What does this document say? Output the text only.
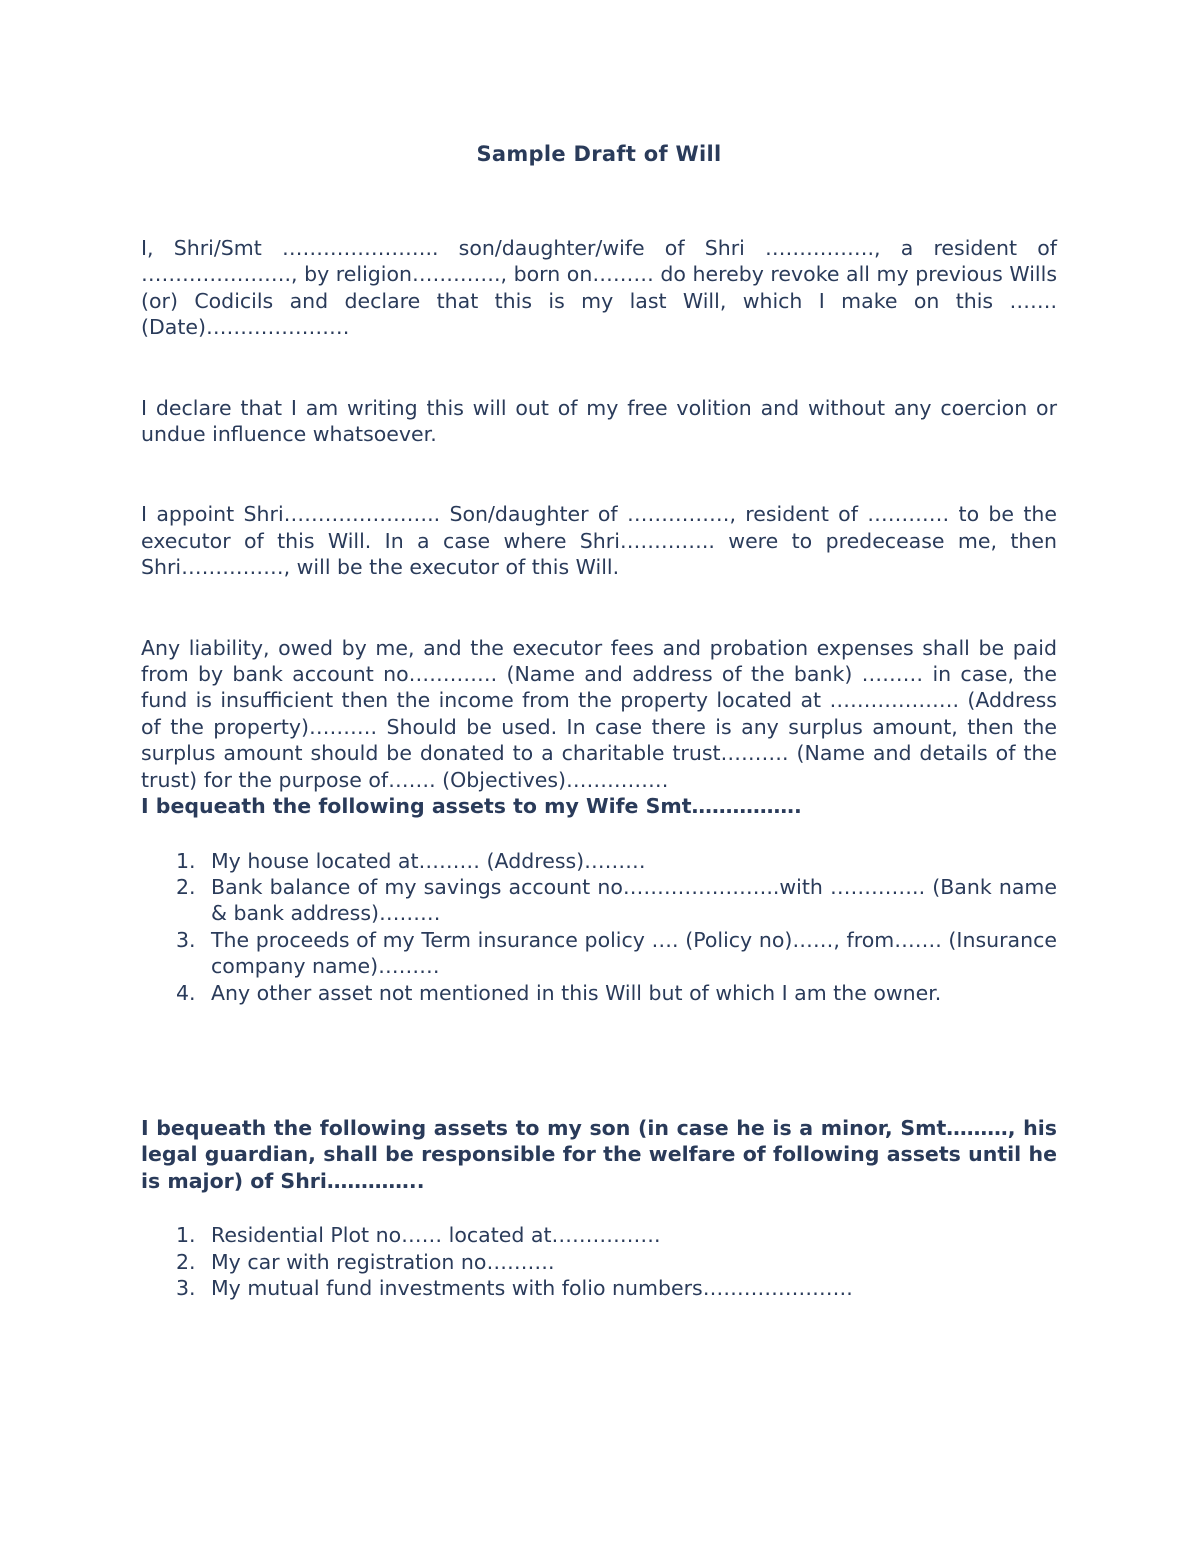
Sample Draft of Will

I, Shri/Smt ………………….. son/daughter/wife of Shri ……………., a resident of …………………., by religion…………., born on……… do hereby revoke all my previous Wills (or) Codicils and declare that this is my last Will, which I make on this …….(Date)…………………

I declare that I am writing this will out of my free volition and without any coercion or undue influence whatsoever.

I appoint Shri………………….. Son/daughter of ……………, resident of ………… to be the executor of this Will. In a case where Shri………….. were to predecease me, then Shri……………, will be the executor of this Will.

Any liability, owed by me, and the executor fees and probation expenses shall be paid from by bank account no…………. (Name and address of the bank) ……… in case, the fund is insufficient then the income from the property located at ………………. (Address of the property)………. Should be used. In case there is any surplus amount, then the surplus amount should be donated to a charitable trust………. (Name and details of the trust) for the purpose of……. (Objectives)……………

I bequeath the following assets to my Wife Smt…………….

My house located at……… (Address)………
Bank balance of my savings account no…………………..with ………….. (Bank name & bank address)………
The proceeds of my Term insurance policy …. (Policy no)……, from……. (Insurance company name)………
Any other asset not mentioned in this Will but of which I am the owner.

I bequeath the following assets to my son (in case he is a minor, Smt………, his legal guardian, shall be responsible for the welfare of following assets until he is major) of Shri…………..

Residential Plot no…… located at…………….
My car with registration no……….
My mutual fund investments with folio numbers………………….
